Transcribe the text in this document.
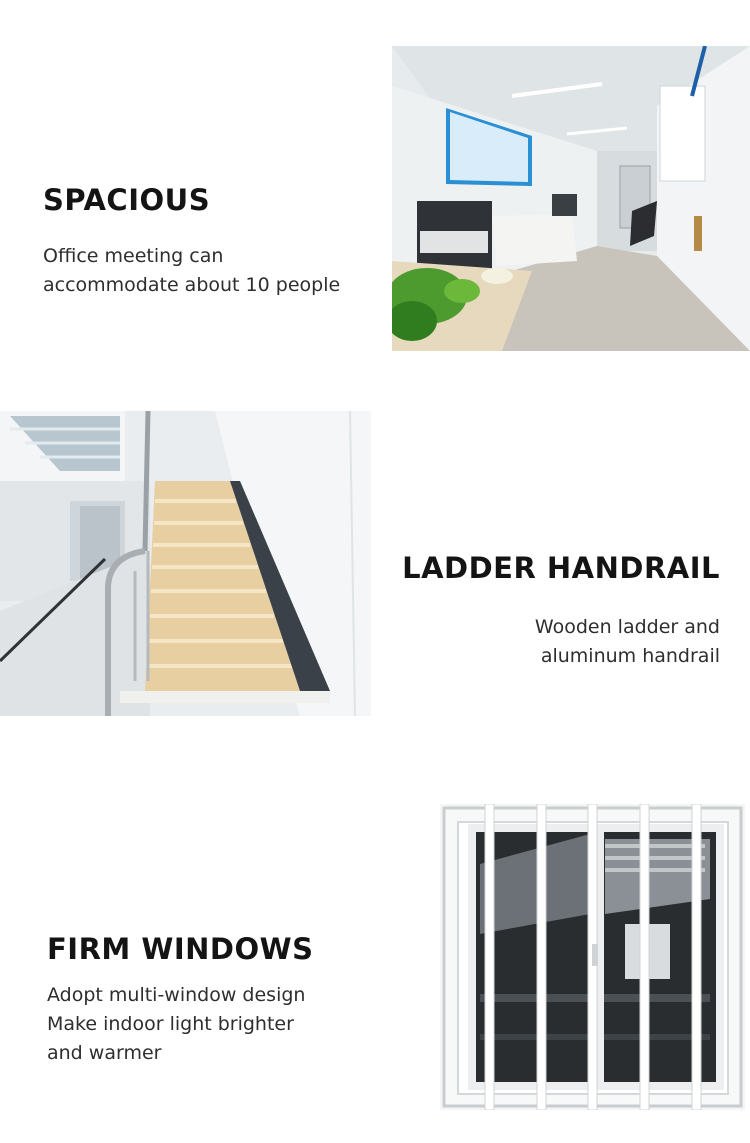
SPACIOUS
Office meeting can
accommodate about 10 people
LADDER HANDRAIL
Wooden ladder and
aluminum handrail
FIRM WINDOWS
Adopt multi-window design
Make indoor light brighter
and warmer
